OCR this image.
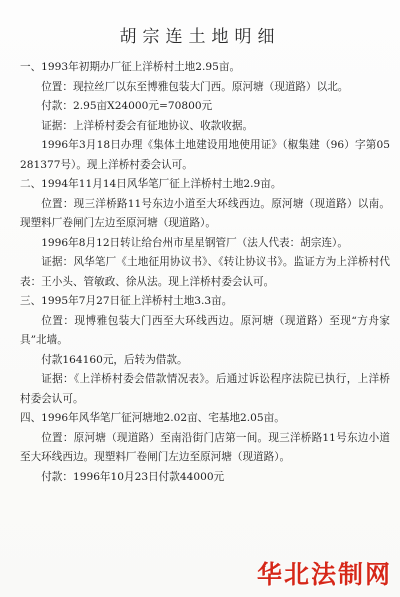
胡宗连土地明细

一、1993年初期办厂征上洋桥村土地2.95亩。

位置：现拉丝厂以东至博雅包装大门西。原河塘（现道路）以北。

付款：2.95亩X24000元=70800元

证据：上洋桥村委会有征地协议、收款收据。

1996年3月18日办理《集体土地建设用地使用证》（椒集建（96）字第05281377号）。现上洋桥村委会认可。

二、1994年11月14日风华笔厂征上洋桥村土地2.9亩。

位置：现三洋桥路11号东边小道至大环线西边。原河塘（现道路）以南。现塑料厂卷闸门左边至原河塘（现道路）。

1996年8月12日转让给台州市星星钢管厂（法人代表：胡宗连）。

证据：风华笔厂《土地征用协议书》、《转让协议书》。监证方为上洋桥村代表：王小头、管敏政、徐从法。现上洋桥村委会认可。

三、1995年7月27日征上洋桥村土地3.3亩。

位置：现博雅包装大门西至大环线西边。原河塘（现道路）至现“方舟家具”北墙。

付款164160元，后转为借款。

证据：《上洋桥村委会借款情况表》。后通过诉讼程序法院已执行，上洋桥村委会认可。

四、1996年风华笔厂征河塘地2.02亩、宅基地2.05亩。

位置：原河塘（现道路）至南沿街门店第一间。现三洋桥路11号东边小道至大环线西边。现塑料厂卷闸门左边至原河塘（现道路）。

付款：1996年10月23日付款44000元

华北法制网
